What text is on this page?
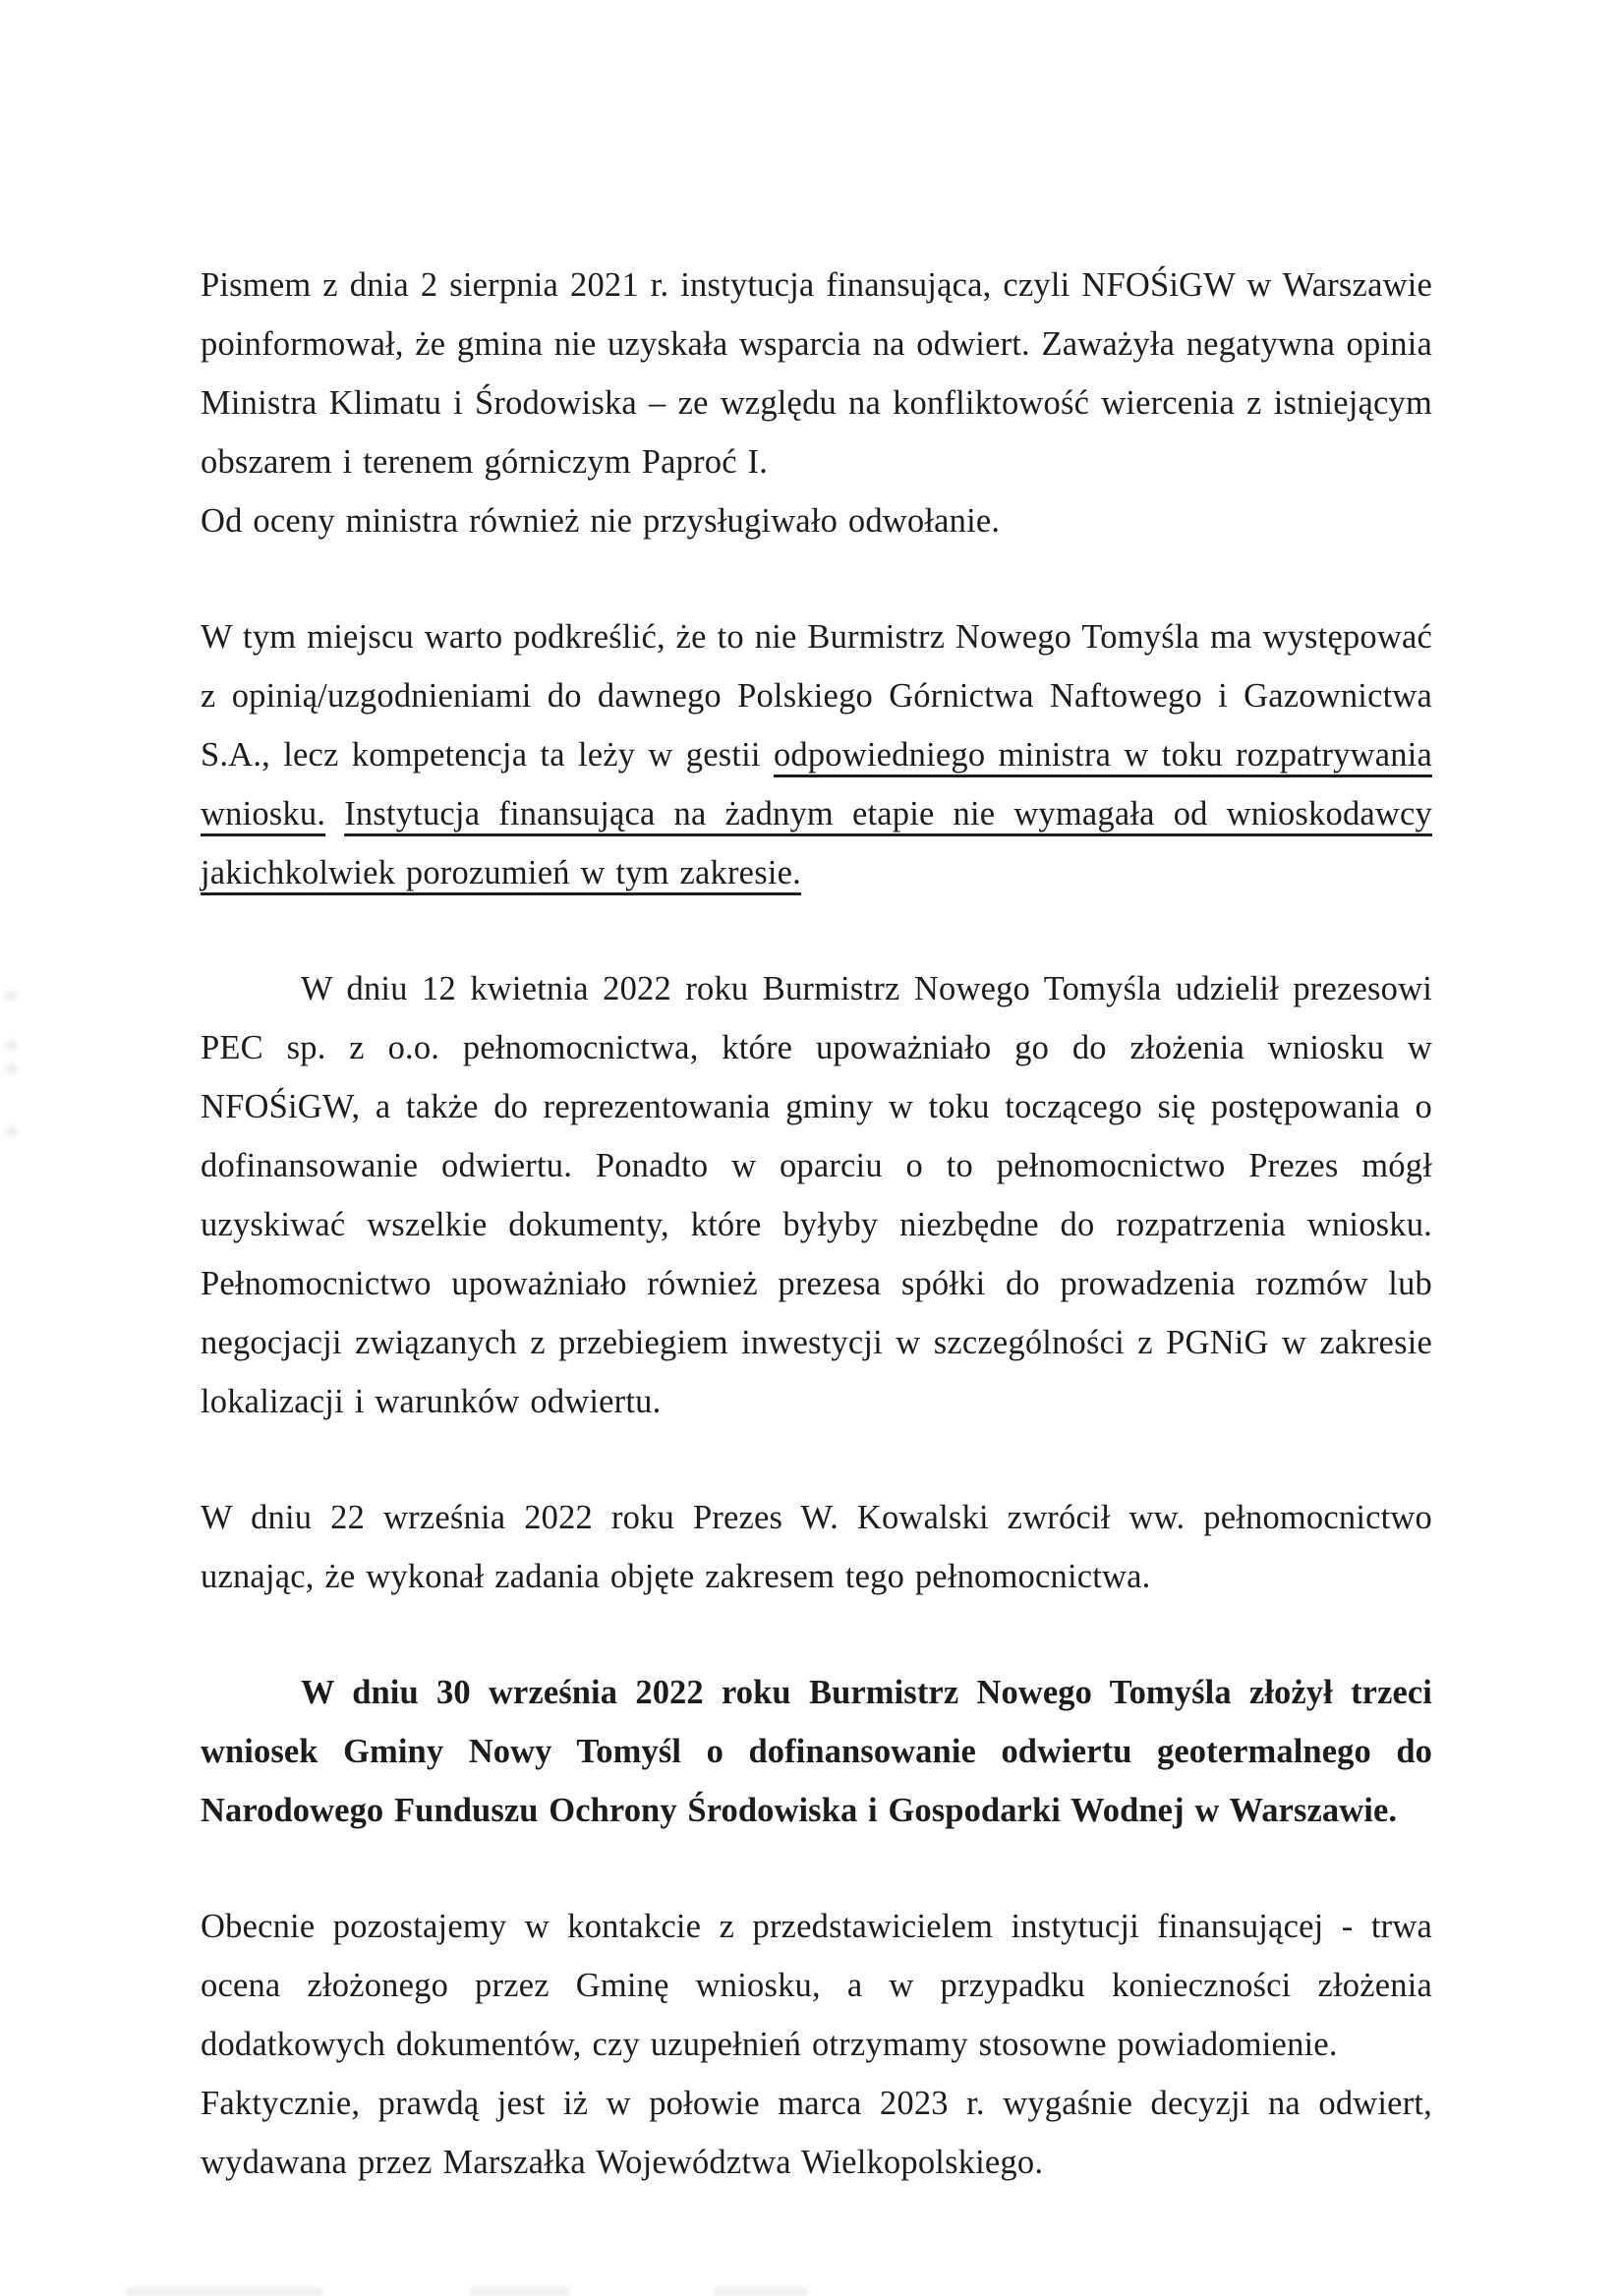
Pismem z dnia 2 sierpnia 2021 r. instytucja finansująca, czyli NFOŚiGW w Warszawie poinformował, że gmina nie uzyskała wsparcia na odwiert. Zaważyła negatywna opinia Ministra Klimatu i Środowiska – ze względu na konfliktowość wiercenia z istniejącym obszarem i terenem górniczym Paproć I.

Od oceny ministra również nie przysługiwało odwołanie.

W tym miejscu warto podkreślić, że to nie Burmistrz Nowego Tomyśla ma występować z opinią/uzgodnieniami do dawnego Polskiego Górnictwa Naftowego i Gazownictwa S.A., lecz kompetencja ta leży w gestii odpowiedniego ministra w toku rozpatrywania wniosku. Instytucja finansująca na żadnym etapie nie wymagała od wnioskodawcy jakichkolwiek porozumień w tym zakresie.

W dniu 12 kwietnia 2022 roku Burmistrz Nowego Tomyśla udzielił prezesowi PEC sp. z o.o. pełnomocnictwa, które upoważniało go do złożenia wniosku w NFOŚiGW, a także do reprezentowania gminy w toku toczącego się postępowania o dofinansowanie odwiertu. Ponadto w oparciu o to pełnomocnictwo Prezes mógł uzyskiwać wszelkie dokumenty, które byłyby niezbędne do rozpatrzenia wniosku. Pełnomocnictwo upoważniało również prezesa spółki do prowadzenia rozmów lub negocjacji związanych z przebiegiem inwestycji w szczególności z PGNiG w zakresie lokalizacji i warunków odwiertu.

W dniu 22 września 2022 roku Prezes W. Kowalski zwrócił ww. pełnomocnictwo uznając, że wykonał zadania objęte zakresem tego pełnomocnictwa.

W dniu 30 września 2022 roku Burmistrz Nowego Tomyśla złożył trzeci wniosek Gminy Nowy Tomyśl o dofinansowanie odwiertu geotermalnego do Narodowego Funduszu Ochrony Środowiska i Gospodarki Wodnej w Warszawie.

Obecnie pozostajemy w kontakcie z przedstawicielem instytucji finansującej - trwa ocena złożonego przez Gminę wniosku, a w przypadku konieczności złożenia dodatkowych dokumentów, czy uzupełnień otrzymamy stosowne powiadomienie.

Faktycznie, prawdą jest iż w połowie marca 2023 r. wygaśnie decyzji na odwiert, wydawana przez Marszałka Województwa Wielkopolskiego.
